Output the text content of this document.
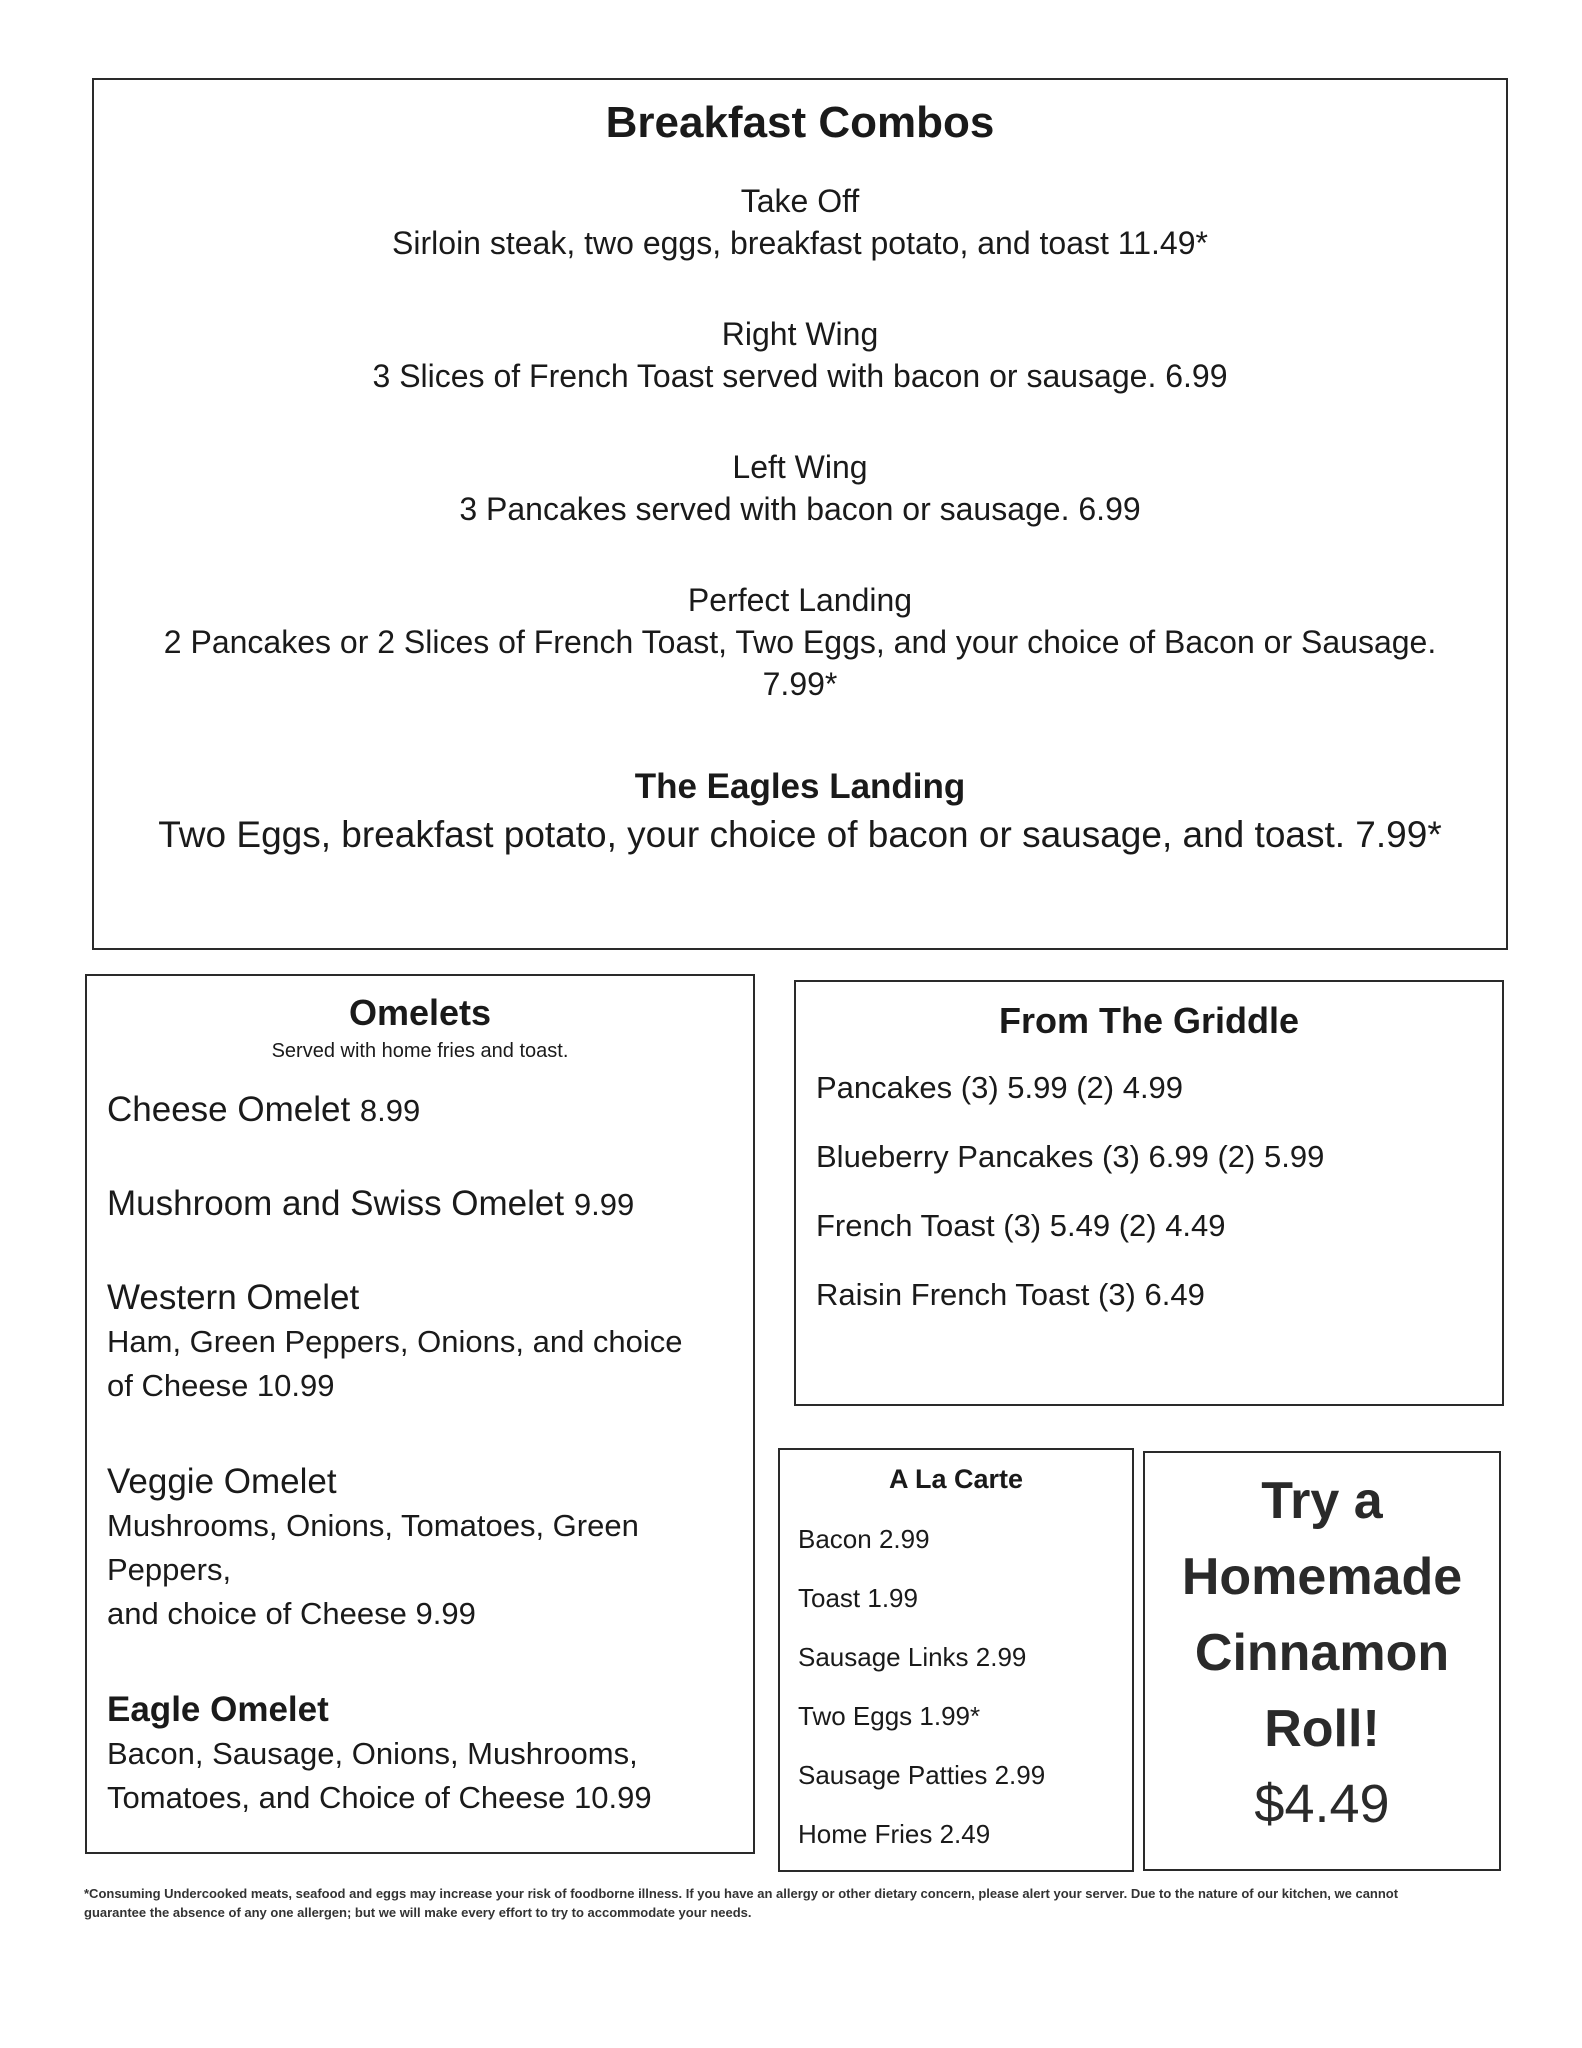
Breakfast Combos
Take Off
Sirloin steak, two eggs, breakfast potato, and toast 11.49*
Right Wing
3 Slices of French Toast served with bacon or sausage. 6.99
Left Wing
3 Pancakes served with bacon or sausage. 6.99
Perfect Landing
2 Pancakes or 2 Slices of French Toast, Two Eggs, and your choice of Bacon or Sausage.
7.99*
The Eagles Landing
Two Eggs, breakfast potato, your choice of bacon or sausage, and toast. 7.99*
Omelets
Served with home fries and toast.
Cheese Omelet 8.99
Mushroom and Swiss Omelet 9.99
Western Omelet
Ham, Green Peppers, Onions, and choice
of Cheese 10.99
Veggie Omelet
Mushrooms, Onions, Tomatoes, Green
Peppers,
and choice of Cheese 9.99
Eagle Omelet
Bacon, Sausage, Onions, Mushrooms,
Tomatoes, and Choice of Cheese 10.99
From The Griddle
Pancakes (3) 5.99 (2) 4.99
Blueberry Pancakes (3) 6.99 (2) 5.99
French Toast (3) 5.49 (2) 4.49
Raisin French Toast (3) 6.49
A La Carte
Bacon 2.99
Toast 1.99
Sausage Links 2.99
Two Eggs 1.99*
Sausage Patties 2.99
Home Fries 2.49
Try a
Homemade
Cinnamon
Roll!
$4.49
*Consuming Undercooked meats, seafood and eggs may increase your risk of foodborne illness. If you have an allergy or other dietary concern, please alert your server. Due to the nature of our kitchen, we cannot
guarantee the absence of any one allergen; but we will make every effort to try to accommodate your needs.
